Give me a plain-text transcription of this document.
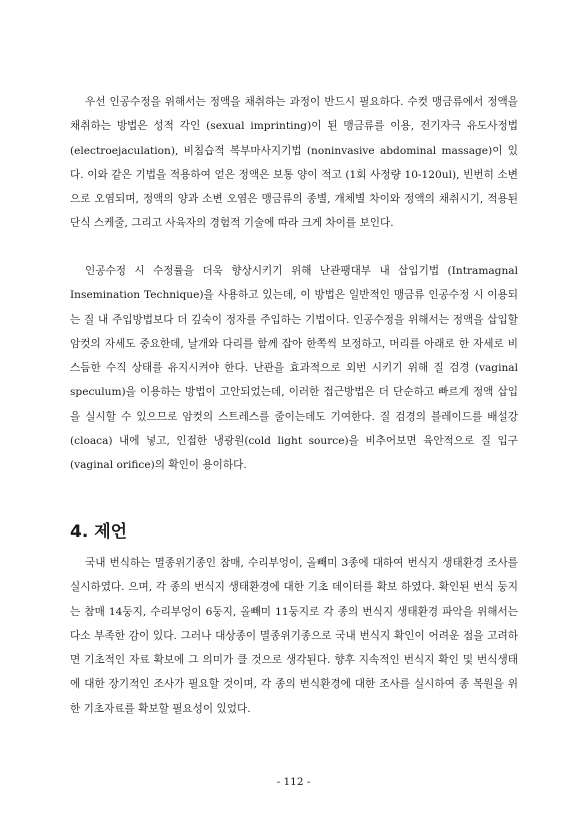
우선 인공수정을 위해서는 정액을 채취하는 과정이 반드시 필요하다. 수컷 맹금류에서 정액을 채취하는 방법은 성적 각인 (sexual imprinting)이 된 맹금류를 이용, 전기자극 유도사정법 (electroejaculation), 비침습적 복부마사지기법 (noninvasive abdominal massage)이 있다. 이와 같은 기법을 적용하여 얻은 정액은 보통 양이 적고 (1회 사정량 10-120ul), 빈번히 소변으로 오염되며, 정액의 양과 소변 오염은 맹금류의 종별, 개체별 차이와 정액의 채취시기, 적용된 단식 스케줄, 그리고 사육자의 경험적 기술에 따라 크게 차이를 보인다.

인공수정 시 수정률을 더욱 향상시키기 위해 난관팽대부 내 삽입기법 (Intramagnal Insemination Technique)을 사용하고 있는데, 이 방법은 일반적인 맹금류 인공수정 시 이용되는 질 내 주입방법보다 더 깊숙이 정자를 주입하는 기법이다. 인공수정을 위해서는 정액을 삽입할 암컷의 자세도 중요한데, 날개와 다리를 함께 잡아 한쪽씩 보정하고, 머리를 아래로 한 자세로 비스듬한 수직 상태를 유지시켜야 한다. 난관을 효과적으로 외번 시키기 위해 질 검경 (vaginal speculum)을 이용하는 방법이 고안되었는데, 이러한 접근방법은 더 단순하고 빠르게 정액 삽입을 실시할 수 있으므로 암컷의 스트레스를 줄이는데도 기여한다. 질 검경의 블레이드를 배설강(cloaca) 내에 넣고, 인접한 냉광원(cold light source)을 비추어보면 육안적으로 질 입구(vaginal orifice)의 확인이 용이하다.

4. 제언

국내 번식하는 멸종위기종인 참매, 수리부엉이, 올빼미 3종에 대하여 번식지 생태환경 조사를 실시하였다. 으며, 각 종의 번식지 생태환경에 대한 기초 데이터를 확보 하였다. 확인된 번식 둥지는 참매 14둥지, 수리부엉이 6둥지, 올빼미 11둥지로 각 종의 번식지 생태환경 파악을 위해서는 다소 부족한 감이 있다. 그러나 대상종이 멸종위기종으로 국내 번식지 확인이 어려운 점을 고려하면 기초적인 자료 확보에 그 의미가 클 것으로 생각된다. 향후 지속적인 번식지 확인 및 번식생태에 대한 장기적인 조사가 필요할 것이며, 각 종의 번식환경에 대한 조사를 실시하여 종 복원을 위한 기초자료를 확보할 필요성이 있었다.

- 112 -
